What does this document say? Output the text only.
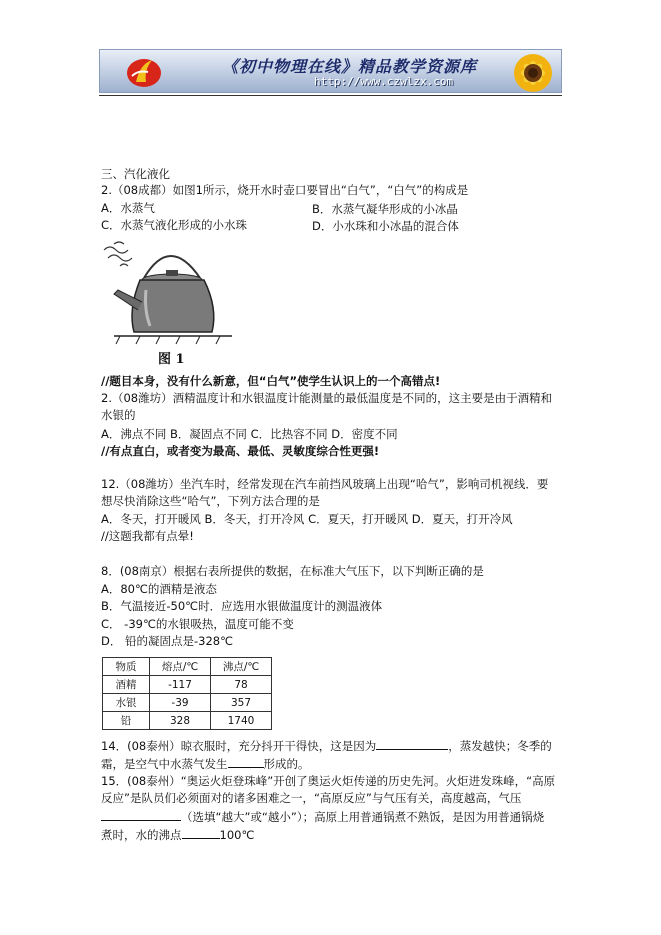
《初中物理在线》精品教学资源库
http://www.czwlzx.com
三、汽化液化
2.（08成都）如图1所示，烧开水时壶口要冒出“白气”，“白气”的构成是
A．水蒸气	B．水蒸气凝华形成的小冰晶
C．水蒸气液化形成的小水珠	D．小水珠和小冰晶的混合体
图 1
//题目本身，没有什么新意，但“白气”使学生认识上的一个高错点!
2.（08潍坊）酒精温度计和水银温度计能测量的最低温度是不同的，这主要是由于酒精和
水银的
A．沸点不同 B．凝固点不同 C．比热容不同 D．密度不同
//有点直白，或者变为最高、最低、灵敏度综合性更强!
12.（08潍坊）坐汽车时，经常发现在汽车前挡风玻璃上出现“哈气”，影响司机视线．要
想尽快消除这些“哈气”，下列方法合理的是
A．冬天，打开暖风 B．冬天，打开冷风 C．夏天，打开暖风 D．夏天，打开冷风
//这题我都有点晕!
8．(08南京）根据右表所提供的数据，在标准大气压下，以下判断正确的是
A．80℃的酒精是液态
B．气温接近-50℃时．应选用水银做温度计的测温液体
C． -39℃的水银吸热，温度可能不变
D． 铅的凝固点是-328℃
物质	熔点/℃	沸点/℃
酒精	-117	78
水银	-39	357
铅	328	1740
14．(08泰州）晾衣服时，充分抖开干得快，这是因为	，蒸发越快；冬季的
霜，是空气中水蒸气发生	形成的。
15．(08泰州）“奥运火炬登珠峰”开创了奥运火炬传递的历史先河。火炬进发珠峰，“高原
反应”是队员们必须面对的诸多困难之一，“高原反应”与气压有关，高度越高，气压
（选填“越大”或“越小”）；高原上用普通锅煮不熟饭，是因为用普通锅烧
煮时，水的沸点	100℃
